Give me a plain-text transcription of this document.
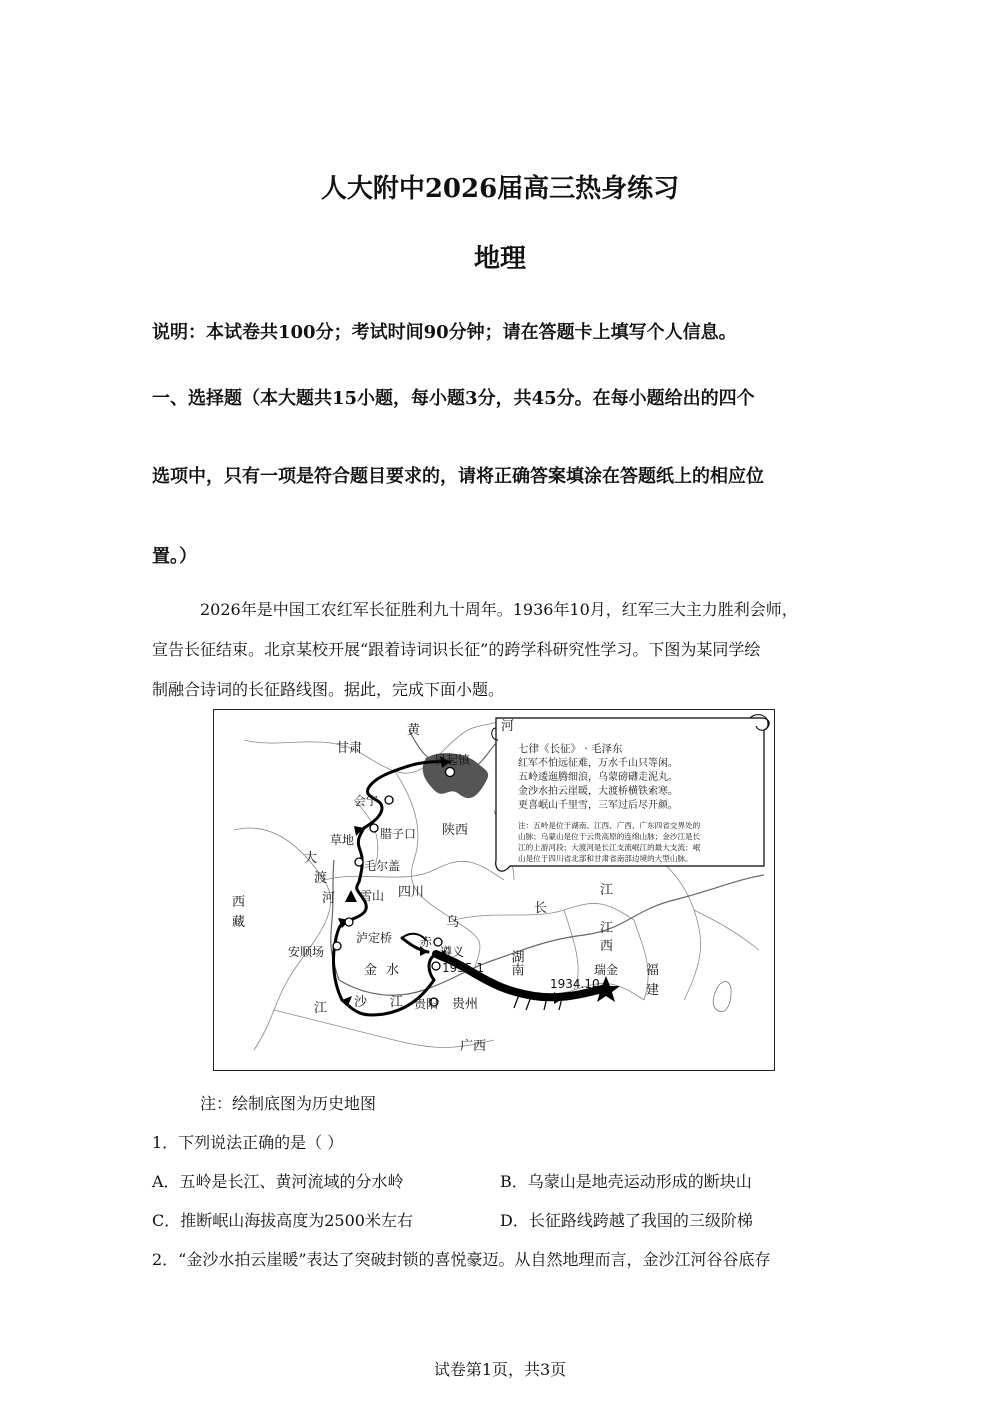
人大附中2026届高三热身练习
地理
说明：本试卷共100分；考试时间90分钟；请在答题卡上填写个人信息。
一、选择题（本大题共15小题，每小题3分，共45分。在每小题给出的四个
选项中，只有一项是符合题目要求的，请将正确答案填涂在答题纸上的相应位
置。）
2026年是中国工农红军长征胜利九十周年。1936年10月，红军三大主力胜利会师，
宣告长征结束。北京某校开展“跟着诗词识长征”的跨学科研究性学习。下图为某同学绘
制融合诗词的长征路线图。据此，完成下面小题。
黄	河
甘肃
吴起镇
会宁
腊子口 陕西
草地
毛尔盖
大
渡
河 雪山 四川
西
藏
泸定桥
安顺场
乌
赤
遵义
金 水	1935.1 湖南
江
西
长
江
瑞金
1934.10
福
建
江 沙 江 贵阳 贵州
广西
七律《长征》 · 毛泽东
红军不怕远征难，万水千山只等闲。
五岭逶迤腾细浪，乌蒙磅礴走泥丸。
金沙水拍云崖暖，大渡桥横铁索寒。
更喜岷山千里雪，三军过后尽开颜。
注：五岭是位于湖南、江西、广西、广东四省交界处的
山脉；乌蒙山是位于云贵高原的连绵山脉；金沙江是长
江的上游河段；大渡河是长江支流岷江的最大支流；岷
山是位于四川省北部和甘肃省南部边境的大型山脉。
注：绘制底图为历史地图
1．下列说法正确的是（ ）
A．五岭是长江、黄河流域的分水岭	B．乌蒙山是地壳运动形成的断块山
C．推断岷山海拔高度为2500米左右	D．长征路线跨越了我国的三级阶梯
2．“金沙水拍云崖暖”表达了突破封锁的喜悦豪迈。从自然地理而言，金沙江河谷谷底存
试卷第1页，共3页
